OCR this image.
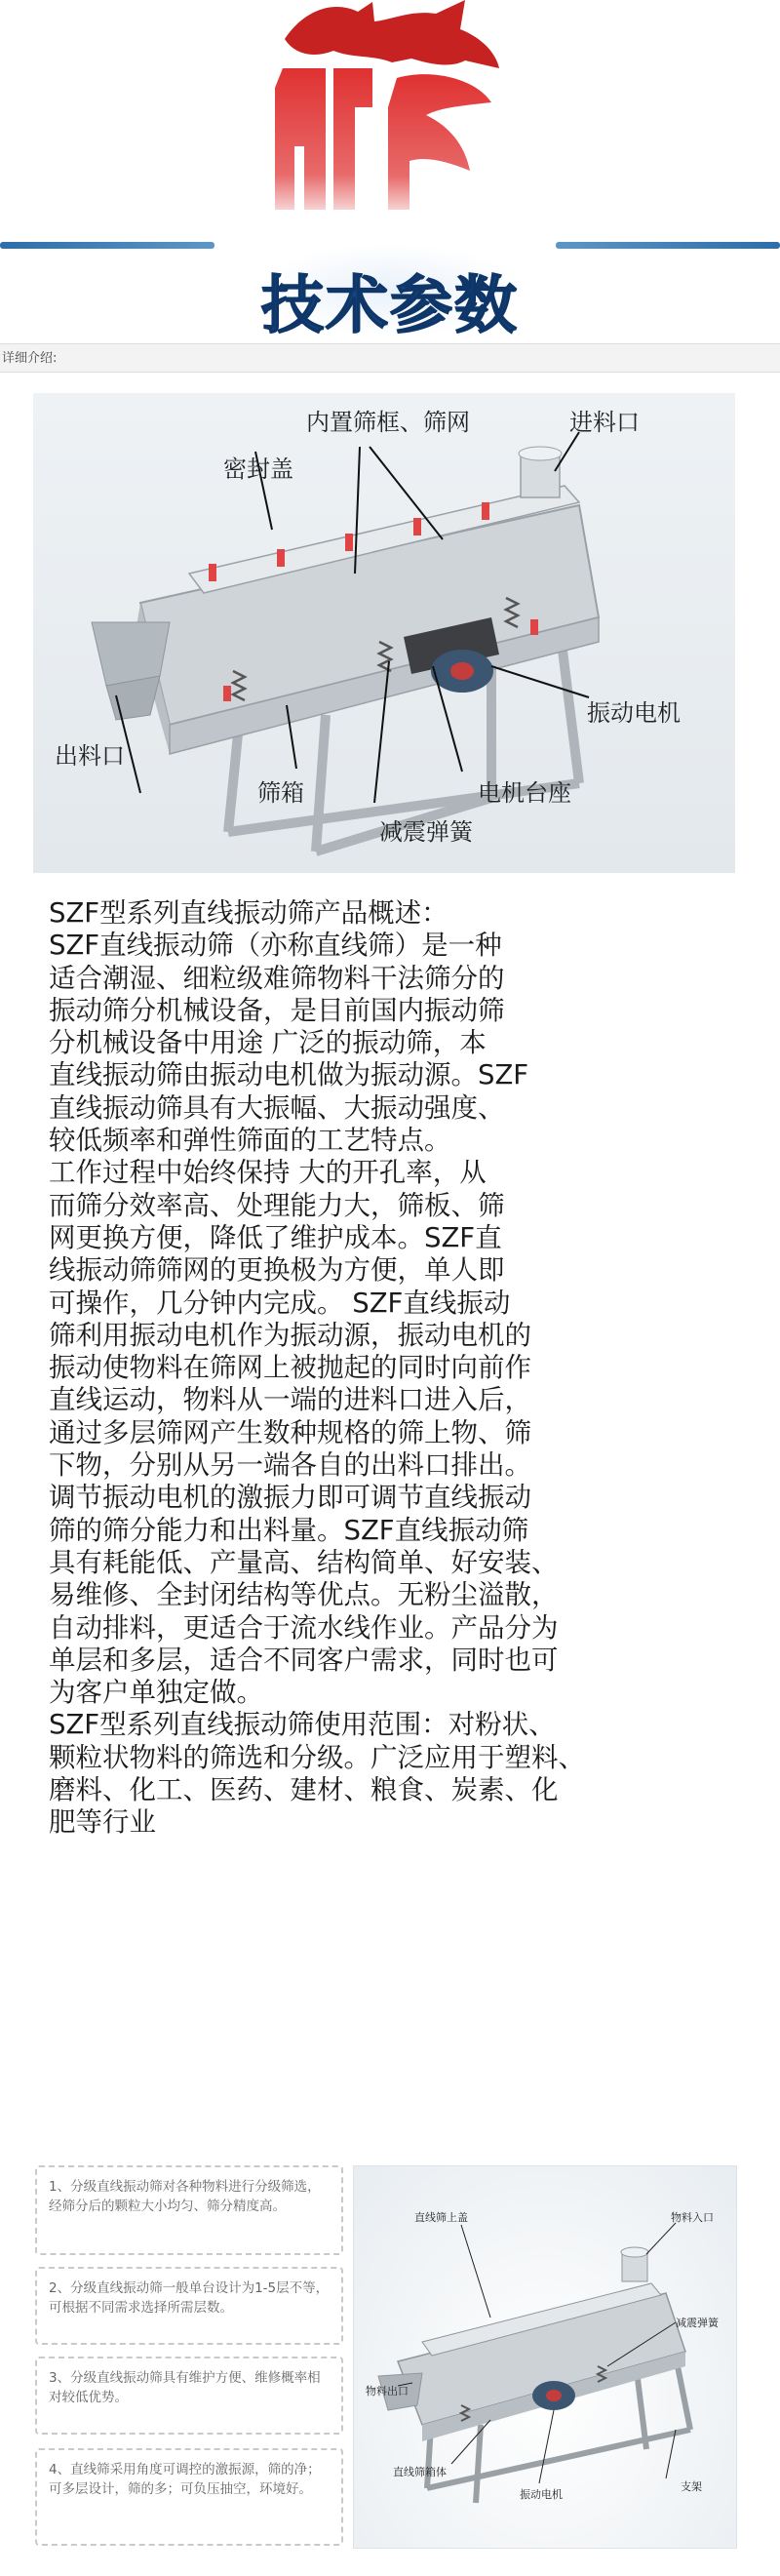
技术参数
详细介绍:
内置筛框、筛网	进料口
密封盖
振动电机
出料口
筛箱	电机台座
减震弹簧

SZF型系列直线振动筛产品概述：
SZF直线振动筛（亦称直线筛）是一种
适合潮湿、细粒级难筛物料干法筛分的
振动筛分机械设备，是目前国内振动筛
分机械设备中用途 广泛的振动筛，本
直线振动筛由振动电机做为振动源。SZF
直线振动筛具有大振幅、大振动强度、
较低频率和弹性筛面的工艺特点。
工作过程中始终保持 大的开孔率，从
而筛分效率高、处理能力大，筛板、筛
网更换方便，降低了维护成本。SZF直
线振动筛筛网的更换极为方便，单人即
可操作，几分钟内完成。 SZF直线振动
筛利用振动电机作为振动源，振动电机的
振动使物料在筛网上被抛起的同时向前作
直线运动，物料从一端的进料口进入后，
通过多层筛网产生数种规格的筛上物、筛
下物，分别从另一端各自的出料口排出。
调节振动电机的激振力即可调节直线振动
筛的筛分能力和出料量。SZF直线振动筛
具有耗能低、产量高、结构简单、好安装、
易维修、全封闭结构等优点。无粉尘溢散，
自动排料，更适合于流水线作业。产品分为
单层和多层，适合不同客户需求，同时也可
为客户单独定做。
SZF型系列直线振动筛使用范围：对粉状、
颗粒状物料的筛选和分级。广泛应用于塑料、
磨料、化工、医药、建材、粮食、炭素、化
肥等行业

1、分级直线振动筛对各种物料进行分级筛选，经筛分后的颗粒大小均匀、筛分精度高。
2、分级直线振动筛一般单台设计为1-5层不等，可根据不同需求选择所需层数。
3、分级直线振动筛具有维护方便、维修概率相对较低优势。
4、直线筛采用角度可调控的激振源，筛的净；可多层设计，筛的多；可负压抽空，环境好。
直线筛上盖	物料入口
减震弹簧
物料出口
直线筛箱体
支架
振动电机
